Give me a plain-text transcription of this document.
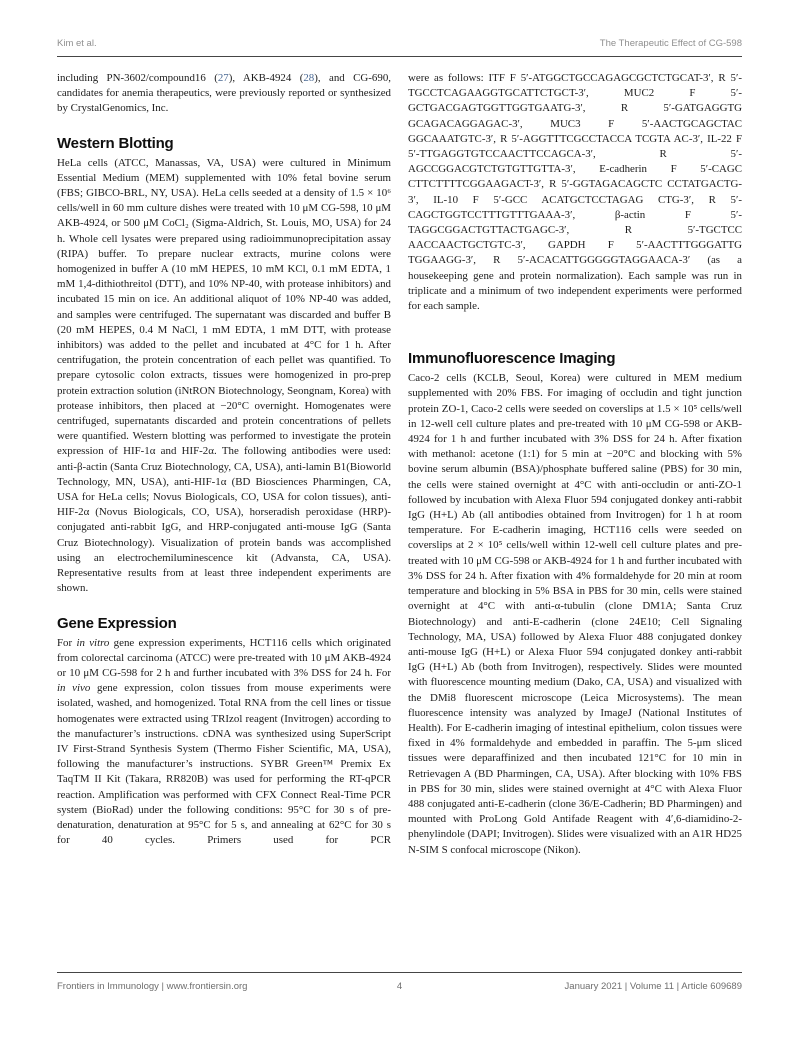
Kim et al.	The Therapeutic Effect of CG-598

including PN-3602/compound16 (27), AKB-4924 (28), and CG-690, candidates for anemia therapeutics, were previously reported or synthesized by CrystalGenomics, Inc.

Western Blotting

HeLa cells (ATCC, Manassas, VA, USA) were cultured in Minimum Essential Medium (MEM) supplemented with 10% fetal bovine serum (FBS; GIBCO-BRL, NY, USA). HeLa cells seeded at a density of 1.5 × 10⁶ cells/well in 60 mm culture dishes were treated with 10 μM CG-598, 10 μM AKB-4924, or 500 μM CoCl₂ (Sigma-Aldrich, St. Louis, MO, USA) for 24 h. Whole cell lysates were prepared using radioimmunoprecipitation assay (RIPA) buffer. To prepare nuclear extracts, murine colons were homogenized in buffer A (10 mM HEPES, 10 mM KCl, 0.1 mM EDTA, 1 mM 1,4-dithiothreitol (DTT), and 10% NP-40, with protease inhibitors) and incubated 15 min on ice. An additional aliquot of 10% NP-40 was added, and samples were centrifuged. The supernatant was discarded and buffer B (20 mM HEPES, 0.4 M NaCl, 1 mM EDTA, 1 mM DTT, with protease inhibitors) was added to the pellet and incubated at 4°C for 1 h. After centrifugation, the protein concentration of each pellet was quantified. To prepare cytosolic colon extracts, tissues were homogenized in pro-prep protein extraction solution (iNtRON Biotechnology, Seongnam, Korea) with protease inhibitors, then placed at −20°C overnight. Homogenates were centrifuged, supernatants discarded and protein concentrations of pellets were quantified. Western blotting was performed to investigate the protein expression of HIF-1α and HIF-2α. The following antibodies were used: anti-β-actin (Santa Cruz Biotechnology, CA, USA), anti-lamin B1(Bioworld Technology, MN, USA), anti-HIF-1α (BD Biosciences Pharmingen, CA, USA for HeLa cells; Novus Biologicals, CO, USA for colon tissues), anti-HIF-2α (Novus Biologicals, CO, USA), horseradish peroxidase (HRP)-conjugated anti-rabbit IgG, and HRP-conjugated anti-mouse IgG (Santa Cruz Biotechnology). Visualization of protein bands was accomplished using an electrochemiluminescence kit (Advansta, CA, USA). Representative results from at least three independent experiments are shown.

Gene Expression

For in vitro gene expression experiments, HCT116 cells which originated from colorectal carcinoma (ATCC) were pre-treated with 10 μM AKB-4924 or 10 μM CG-598 for 2 h and further incubated with 3% DSS for 24 h. For in vivo gene expression, colon tissues from mouse experiments were isolated, washed, and homogenized. Total RNA from the cell lines or tissue homogenates were extracted using TRIzol reagent (Invitrogen) according to the manufacturer’s instructions. cDNA was synthesized using SuperScript IV First-Strand Synthesis System (Thermo Fisher Scientific, MA, USA), following the manufacturer’s instructions. SYBR Green™ Premix Ex TaqTM II Kit (Takara, RR820B) was used for performing the RT-qPCR reaction. Amplification was performed with CFX Connect Real-Time PCR system (BioRad) under the following conditions: 95°C for 30 s of pre-denaturation, denaturation at 95°C for 5 s, and annealing at 62°C for 30 s for 40 cycles. Primers used for PCR

were as follows: ITF F 5′-ATGGCTGCCAGAGCGCTCTGCAT-3′, R 5′-TGCCTCAGAAGGTGCATTCTGCT-3′, MUC2 F 5′-GCTGACGAGTGGTTGGTGAATG-3′, R 5′-GATGAGGTG GCAGACAGGAGAC-3′, MUC3 F 5′-AACTGCAGCTAC GGCAAATGTC-3′, R 5′-AGGTTTCGCCTACCA TCGTA AC-3′, IL-22 F 5′-TTGAGGTGTCCAACTTCCAGCA-3′, R 5′-AGCCGGACGTCTGTGTTGTTA-3′, E-cadherin F 5′-CAGC CTTCTTTTCGGAAGACT-3′, R 5′-GGTAGACAGCTC CCTATGACTG-3′, IL-10 F 5′-GCC ACATGCTCCTAGAG CTG-3′, R 5′-CAGCTGGTCCTTTGTTTGAAA-3′, β-actin F 5′-TAGGCGGACTGTTACTGAGC-3′, R 5′-TGCTCC AACCAACTGCTGTC-3′, GAPDH F 5′-AACTTTGGGATTG TGGAAGG-3′, R 5′-ACACATTGGGGGTAGGAACA-3′ (as a housekeeping gene and protein normalization). Each sample was run in triplicate and a minimum of two independent experiments were performed for each sample.

Immunofluorescence Imaging

Caco-2 cells (KCLB, Seoul, Korea) were cultured in MEM medium supplemented with 20% FBS. For imaging of occludin and tight junction protein ZO-1, Caco-2 cells were seeded on coverslips at 1.5 × 10⁵ cells/well in 12-well cell culture plates and pre-treated with 10 μM CG-598 or AKB-4924 for 1 h and further incubated with 3% DSS for 24 h. After fixation with methanol: acetone (1:1) for 5 min at −20°C and blocking with 5% bovine serum albumin (BSA)/phosphate buffered saline (PBS) for 30 min, the cells were stained overnight at 4°C with anti-occludin or anti-ZO-1 followed by incubation with Alexa Fluor 594 conjugated donkey anti-rabbit IgG (H+L) Ab (all antibodies obtained from Invitrogen) for 1 h at room temperature. For E-cadherin imaging, HCT116 cells were seeded on coverslips at 2 × 10⁵ cells/well within 12-well cell culture plates and pre-treated with 10 μM CG-598 or AKB-4924 for 1 h and further incubated with 3% DSS for 24 h. After fixation with 4% formaldehyde for 20 min at room temperature and blocking in 5% BSA in PBS for 30 min, cells were stained overnight at 4°C with anti-α-tubulin (clone DM1A; Santa Cruz Biotechnology) and anti-E-cadherin (clone 24E10; Cell Signaling Technology, MA, USA) followed by Alexa Fluor 488 conjugated donkey anti-mouse IgG (H+L) or Alexa Fluor 594 conjugated donkey anti-rabbit IgG (H+L) Ab (both from Invitrogen), respectively. Slides were mounted with fluorescence mounting medium (Dako, CA, USA) and visualized with the DMi8 fluorescent microscope (Leica Microsystems). The mean fluorescence intensity was analyzed by ImageJ (National Institutes of Health). For E-cadherin imaging of intestinal epithelium, colon tissues were fixed in 4% formaldehyde and embedded in paraffin. The 5-μm sliced tissues were deparaffinized and then incubated 121°C for 10 min in Retrievagen A (BD Pharmingen, CA, USA). After blocking with 10% FBS in PBS for 30 min, slides were stained overnight at 4°C with Alexa Fluor 488 conjugated anti-E-cadherin (clone 36/E-Cadherin; BD Pharmingen) and mounted with ProLong Gold Antifade Reagent with 4′,6-diamidino-2-phenylindole (DAPI; Invitrogen). Slides were visualized with an A1R HD25 N-SIM S confocal microscope (Nikon).

Frontiers in Immunology | www.frontiersin.org	4	January 2021 | Volume 11 | Article 609689
